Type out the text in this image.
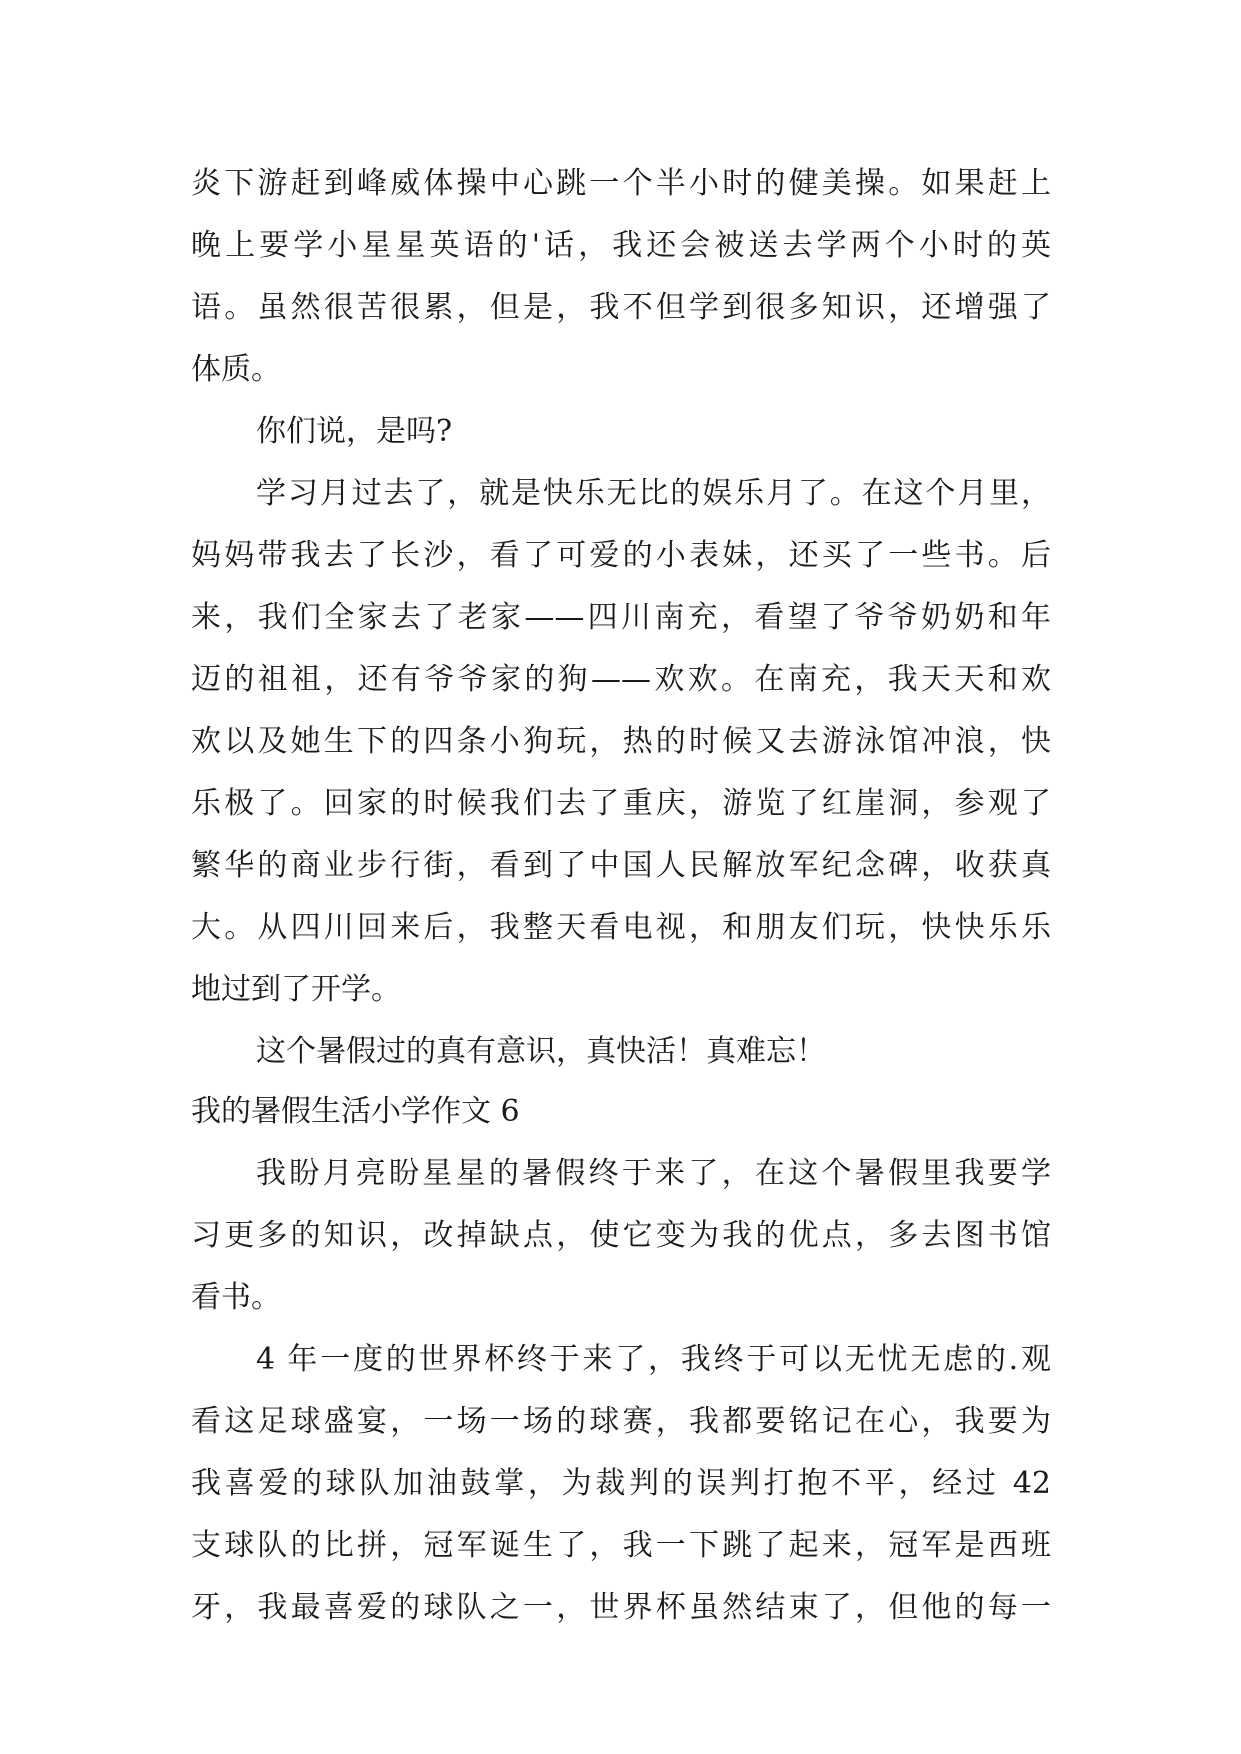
炎下游赶到峰威体操中心跳一个半小时的健美操。如果赶上
晚上要学小星星英语的'话，我还会被送去学两个小时的英
语。虽然很苦很累，但是，我不但学到很多知识，还增强了
体质。
你们说，是吗?
学习月过去了，就是快乐无比的娱乐月了。在这个月里，
妈妈带我去了长沙，看了可爱的小表妹，还买了一些书。后
来，我们全家去了老家——四川南充，看望了爷爷奶奶和年
迈的祖祖，还有爷爷家的狗——欢欢。在南充，我天天和欢
欢以及她生下的四条小狗玩，热的时候又去游泳馆冲浪，快
乐极了。回家的时候我们去了重庆，游览了红崖洞，参观了
繁华的商业步行街，看到了中国人民解放军纪念碑，收获真
大。从四川回来后，我整天看电视，和朋友们玩，快快乐乐
地过到了开学。
这个暑假过的真有意识，真快活！真难忘！
我的暑假生活小学作文 6
我盼月亮盼星星的暑假终于来了，在这个暑假里我要学
习更多的知识，改掉缺点，使它变为我的优点，多去图书馆
看书。
4 年一度的世界杯终于来了，我终于可以无忧无虑的.观
看这足球盛宴，一场一场的球赛，我都要铭记在心，我要为
我喜爱的球队加油鼓掌，为裁判的误判打抱不平，经过 42
支球队的比拼，冠军诞生了，我一下跳了起来，冠军是西班
牙，我最喜爱的球队之一，世界杯虽然结束了，但他的每一
